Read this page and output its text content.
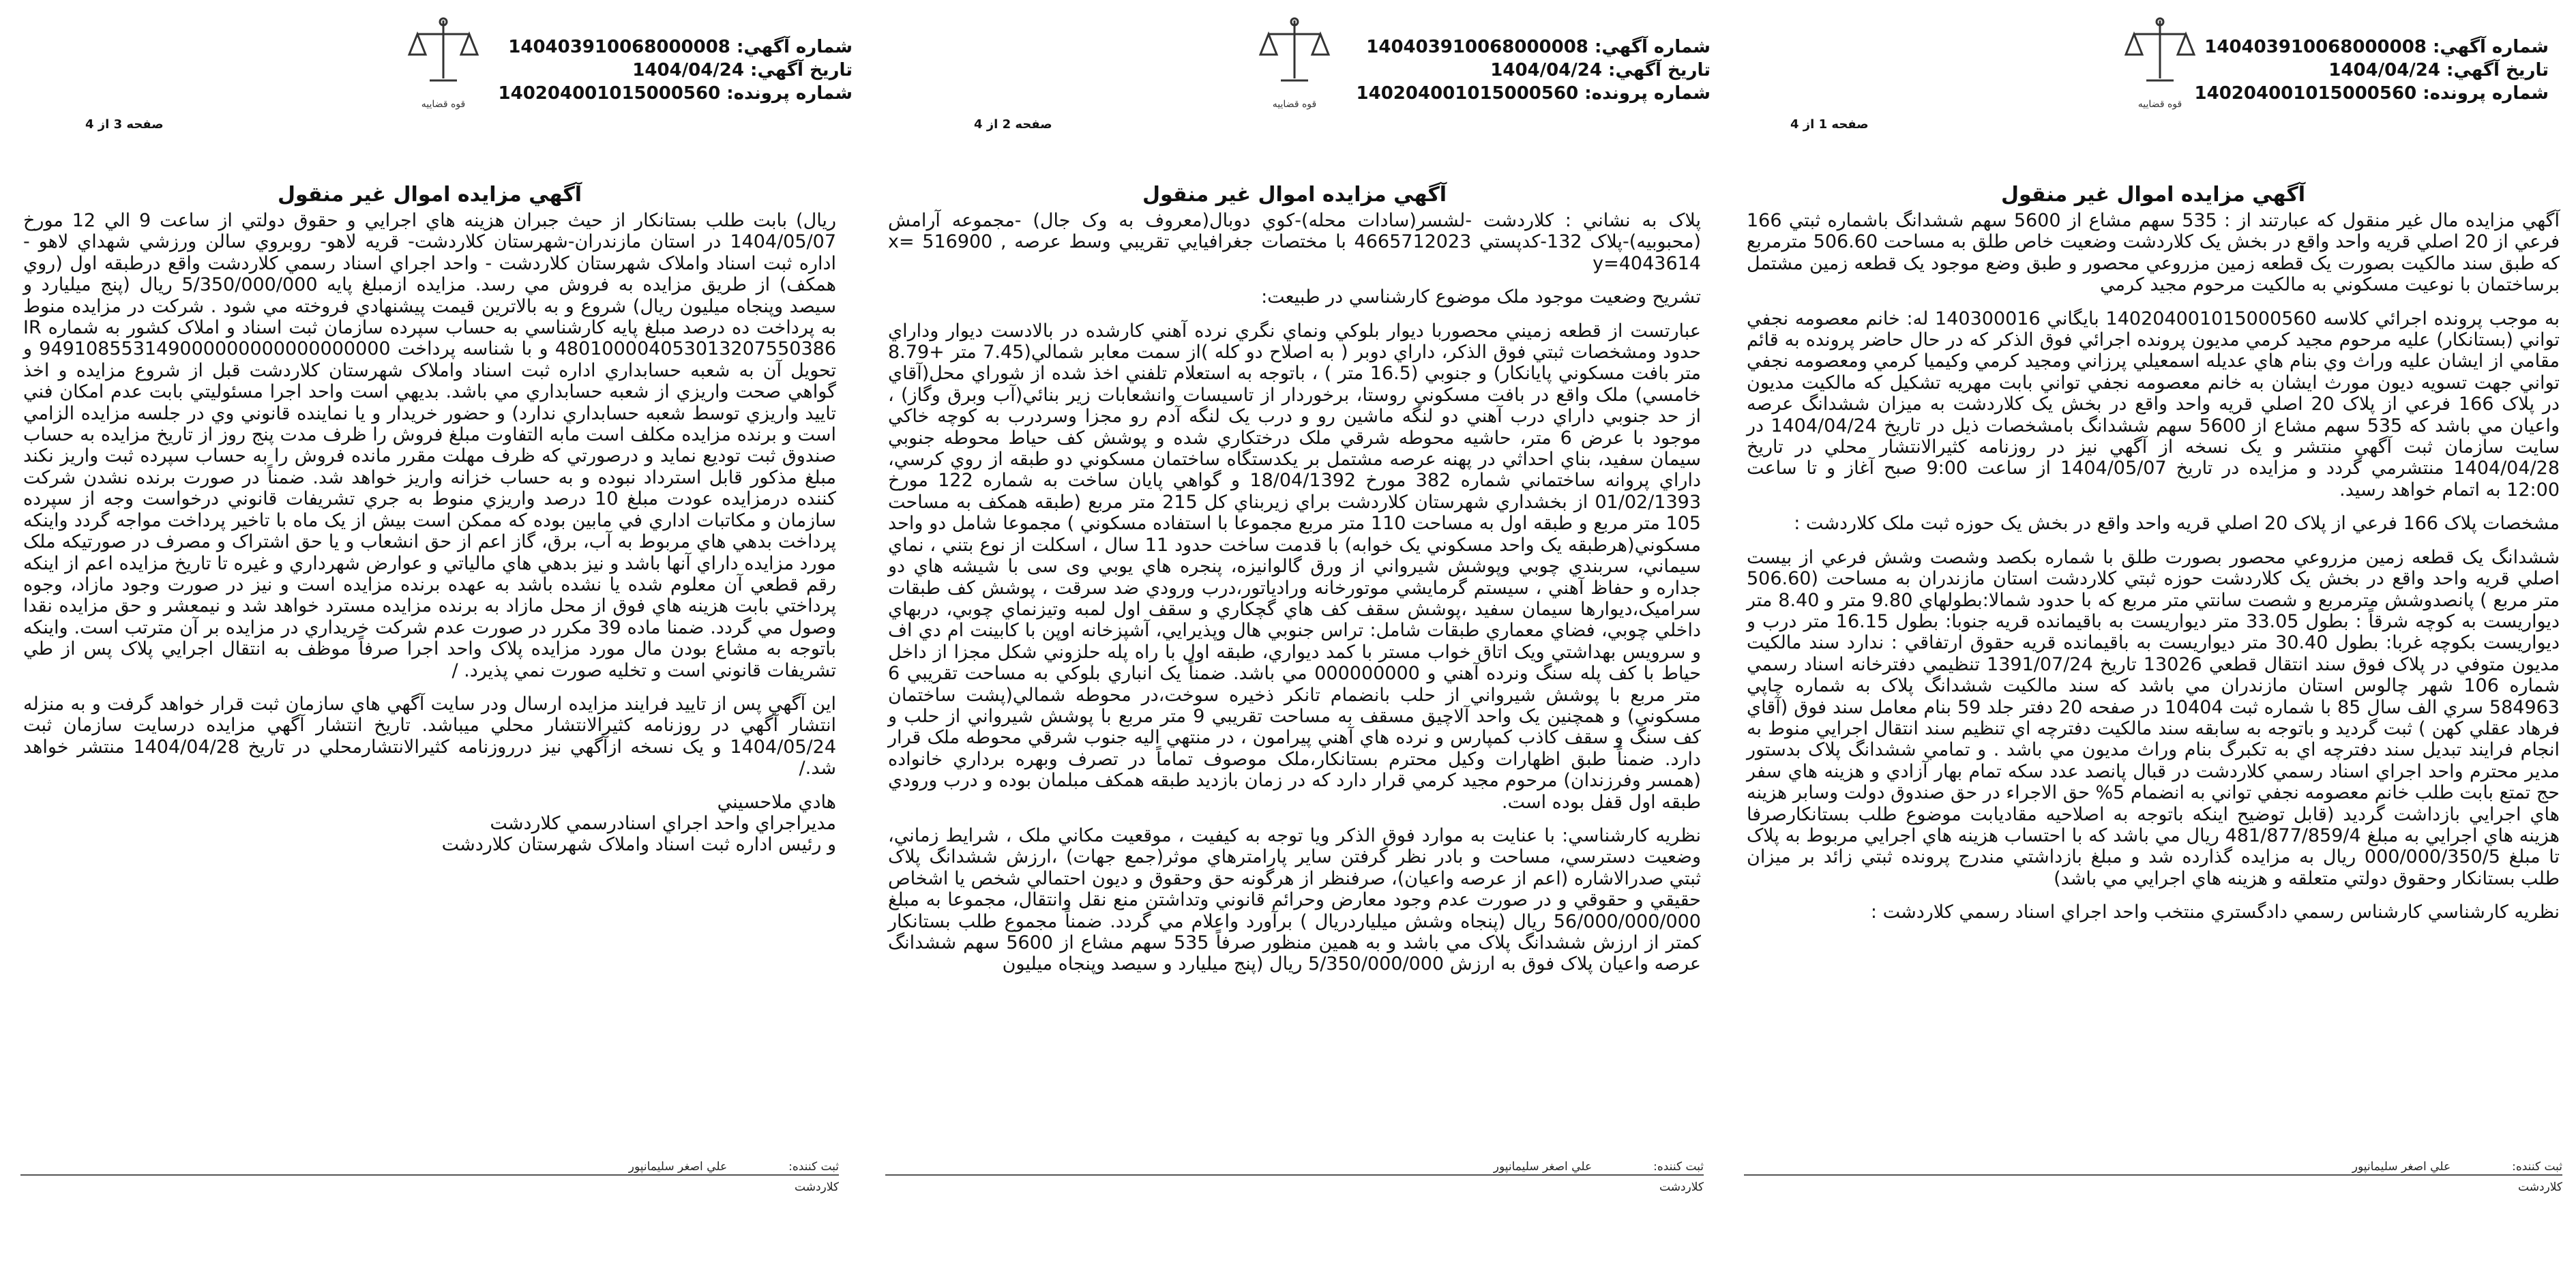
شماره آگهي: 140403910068000008
تاريخ آگهي: 1404/04/24
شماره پرونده: 140204001015000560
قوه قضاییه
صفحه 1 از 4
آگهي مزايده اموال غير منقول

آگهي مزايده مال غير منقول كه عبارتند از : 535 سهم مشاع از 5600 سهم ششدانگ باشماره ثبتي 166 فرعي از 20 اصلي قريه واحد واقع در بخش يک کلاردشت وضعيت خاص طلق به مساحت 506.60 مترمربع که طبق سند مالکيت بصورت يک قطعه زمين مزروعي محصور و طبق وضع موجود يک قطعه زمين مشتمل برساختمان با نوعيت مسکوني به مالکيت مرحوم مجيد کرمي

به موجب پرونده اجرائي كلاسه 140204001015000560 بايگاني 140300016 له: خانم معصومه نجفي تواني (بستانكار) عليه مرحوم مجيد كرمي مديون پرونده اجرائي فوق الذكر كه در حال حاضر پرونده به قائم مقامي از ايشان عليه وراث وي بنام هاي عديله اسمعيلي پرزاني ومجيد كرمي وكيميا كرمي ومعصومه نجفي تواني جهت تسويه ديون مورث ايشان به خانم معصومه نجفي تواني بابت مهريه تشکيل که مالکيت مديون در پلاک 166 فرعي از پلاک 20 اصلي قريه واحد واقع در بخش يک کلاردشت به ميزان ششدانگ عرصه واعيان مي باشد که 535 سهم مشاع از 5600 سهم ششدانگ بامشخصات ذيل در تاريخ 1404/04/24 در سايت سازمان ثبت آگهي منتشر و يک نسخه از آگهي نيز در روزنامه كثيرالانتشار محلي در تاريخ 1404/04/28 منتشرمي گردد و مزايده در تاريخ 1404/05/07 از ساعت 9:00 صبح آغاز و تا ساعت 12:00 به اتمام خواهد رسيد.

مشخصات پلاک 166 فرعي از پلاک 20 اصلي قريه واحد واقع در بخش يک حوزه ثبت ملک کلاردشت :

ششدانگ يک قطعه زمين مزروعي محصور بصورت طلق با شماره بکصد وشصت وشش فرعي از بيست اصلي قريه واحد واقع در بخش يک کلاردشت حوزه ثبتي کلاردشت استان مازندران به مساحت (506.60 متر مربع ) پانصدوشش مترمربع و شصت سانتي متر مربع که با حدود شمالا:بطولهاي 9.80 متر و 8.40 متر ديواريست به کوچه شرقاً : بطول 33.05 متر ديواريست به باقيمانده قريه جنوبا: بطول 16.15 متر درب و ديواريست بکوچه غربا: بطول 30.40 متر ديواريست به باقيمانده قريه حقوق ارتفاقي : ندارد سند مالکيت مديون متوفي در پلاک فوق سند انتقال قطعي 13026 تاريخ 1391/07/24 تنظيمي دفترخانه اسناد رسمي شماره 106 شهر چالوس استان مازندران مي باشد که سند مالکيت ششدانگ پلاک به شماره چاپي 584963 سري الف سال 85 با شماره ثبت 10404 در صفحه 20 دفتر جلد 59 بنام معامل سند فوق (آقاي فرهاد عقلي کهن ) ثبت گرديد و باتوجه به سابقه سند مالکيت دفترچه اي تنظيم سند انتقال اجرايي منوط به انجام فرايند تبديل سند دفترچه اي به تکبرگ بنام وراث مديون مي باشد . و تمامي ششدانگ پلاک بدستور مدير محترم واحد اجراي اسناد رسمي کلاردشت در قبال پانصد عدد سکه تمام بهار آزادي و هزينه هاي سفر حج تمتع بابت طلب خانم معصومه نجفي تواني به انضمام 5% حق الاجراء در حق صندوق دولت وسابر هزينه هاي اجرايي بازداشت گرديد (قابل توضيح اينکه باتوجه به اصلاحيه مقاديابت موضوع طلب بستانکارصرفا هزينه هاي اجرايي به مبلغ 481/877/859/4 ريال مي باشد که با احتساب هزينه هاي اجرايي مربوط به پلاک تا مبلغ 000/000/350/5 ريال به مزايده گذارده شد و مبلغ بازداشتي مندرج پرونده ثبتي زائد بر ميزان طلب بستانکار وحقوق دولتي متعلقه و هزينه هاي اجرايي مي باشد)

نظريه کارشناسي کارشناس رسمي دادگستري منتخب واحد اجراي اسناد رسمي کلاردشت :

ثبت کننده:
علي اصغر سليمانپور
كلاردشت
شماره آگهي: 140403910068000008
تاريخ آگهي: 1404/04/24
شماره پرونده: 140204001015000560
قوه قضاییه
صفحه 2 از 4
آگهي مزايده اموال غير منقول

پلاک به نشاني : کلاردشت -لشسر(سادات محله)-کوي دوبال(معروف به وک جال) -مجموعه آرامش (محبوبيه)-پلاک 132-کدپستي 4665712023 با مختصات جغرافيايي تقريبي وسط عرصه x= 516900 , y=4043614

تشريح وضعيت موجود ملک موضوع کارشناسي در طبيعت:

عبارتست از قطعه زميني محصوربا ديوار بلوکي ونماي نگري نرده آهني کارشده در بالادست ديوار وداراي حدود ومشخصات ثبتي فوق الذکر، داراي دوبر ( به اصلاح دو کله )از سمت معابر شمالي(7.45 متر +8.79 متر بافت مسکوني پايانکار) و جنوبي (16.5 متر ) ، باتوجه به استعلام تلفني اخذ شده از شوراي محل(آقاي خامسي) ملک واقع در بافت مسکوني روستا، برخوردار از تاسيسات وانشعابات زير بنائي(آب وبرق وگاز) ، از حد جنوبي داراي درب آهني دو لنگه ماشين رو و درب يک لنگه آدم رو مجزا وسردرب به کوچه خاکي موجود با عرض 6 متر، حاشيه محوطه شرقي ملک درختکاري شده و پوشش کف حياط محوطه جنوبي سيمان سفيد، بناي احداثي در پهنه عرصه مشتمل بر يکدستگاه ساختمان مسکوني دو طبقه از روي کرسي، داراي پروانه ساختماني شماره 382 مورخ 18/04/1392 و گواهي پايان ساخت به شماره 122 مورخ 01/02/1393 از بخشداري شهرستان کلاردشت براي زيربناي کل 215 متر مربع (طبقه همکف به مساحت 105 متر مربع و طبقه اول به مساحت 110 متر مربع مجموعا با استفاده مسکوني ) مجموعا شامل دو واحد مسکوني(هرطبقه يک واحد مسکوني يک خوابه) با قدمت ساخت حدود 11 سال ، اسکلت از نوع بتني ، نماي سيماني، سربندي چوبي وپوشش شيرواني از ورق گالوانيزه، پنجره هاي يوبي وی سی با شيشه هاي دو جداره و حفاظ آهني ، سيستم گرمايشي موتورخانه ورادياتور،درب ورودي ضد سرقت ، پوشش کف طبقات سراميک،ديوارها سيمان سفيد ،پوشش سقف کف هاي گچکاري و سقف اول لمبه وتيزنماي چوبي، دربهاي داخلي چوبي، فضاي معماري طبقات شامل: تراس جنوبي هال وپذيرايي، آشپزخانه اوپن با کابينت ام دي اف و سرويس بهداشتي ويک اتاق خواب مستر با کمد ديواري، طبقه اول با راه پله حلزوني شکل مجزا از داخل حياط با کف پله سنگ ونرده آهني و 000000000 مي باشد. ضمناً يک انباري بلوکي به مساحت تقريبي 6 متر مربع با پوشش شيرواني از حلب بانضمام تانکر ذخيره سوخت،در محوطه شمالي(پشت ساختمان مسکوني) و همچنين يک واحد آلاچيق مسقف به مساحت تقريبي 9 متر مربع با پوشش شيرواني از حلب و کف سنگ و سقف کاذب کمپارس و نرده هاي آهني پيرامون ، در منتهي اليه جنوب شرقي محوطه ملک قرار دارد. ضمناً طبق اظهارات وکيل محترم بستانکار،ملک موصوف تماماً در تصرف وبهره برداري خانواده (همسر وفرزندان) مرحوم مجيد کرمي قرار دارد که در زمان بازديد طبقه همکف مبلمان بوده و درب ورودي طبقه اول قفل بوده است.

نظريه کارشناسي: با عنايت به موارد فوق الذکر ويا توجه به کيفيت ، موقعيت مکاني ملک ، شرايط زماني، وضعيت دسترسي، مساحت و بادر نظر گرفتن ساير پارامترهاي موثر(جمع جهات) ،ارزش ششدانگ پلاک ثبتي صدرالاشاره (اعم از عرصه واعيان)، صرفنظر از هرگونه حق وحقوق و ديون احتمالي شخص يا اشخاص حقيقي و حقوقي و در صورت عدم وجود معارض وحرائم قانوني وتداشتن منع نقل وانتقال، مجموعا به مبلغ 56/000/000/000 ريال (پنجاه وشش ميلياردريال ) برآورد واعلام مي گردد. ضمناً مجموع طلب بستانکار کمتر از ارزش ششدانگ پلاک مي باشد و به همين منظور صرفاً 535 سهم مشاع از 5600 سهم ششدانگ عرصه واعيان پلاک فوق به ارزش 5/350/000/000 ريال (پنج ميليارد و سيصد وپنجاه ميليون

ثبت کننده:
علي اصغر سليمانپور
كلاردشت
شماره آگهي: 140403910068000008
تاريخ آگهي: 1404/04/24
شماره پرونده: 140204001015000560
قوه قضاییه
صفحه 3 از 4
آگهي مزايده اموال غير منقول

ريال) بابت طلب بستانکار از حيث جبران هزينه هاي اجرايي و حقوق دولتي از ساعت 9 الي 12 مورخ 1404/05/07 در استان مازندران-شهرستان کلاردشت- قريه لاهو- روبروي سالن ورزشي شهداي لاهو - اداره ثبت اسناد واملاک شهرستان کلاردشت - واحد اجراي اسناد رسمي کلاردشت واقع درطبقه اول (روي همکف) از طريق مزايده به فروش مي رسد. مزايده ازمبلغ پايه 5/350/000/000 ريال (پنج ميليارد و سيصد وپنجاه ميليون ريال) شروع و به بالاترين قيمت پيشنهادي فروخته مي شود . شرکت در مزايده منوط به پرداخت ده درصد مبلغ پايه کارشناسي به حساب سپرده سازمان ثبت اسناد و املاک کشور به شماره IR 480100004053013207550386 و با شناسه پرداخت 949108553149000000000000000000 و تحويل آن به شعبه حسابداري اداره ثبت اسناد واملاک شهرستان کلاردشت قبل از شروع مزايده و اخذ گواهي صحت واريزي از شعبه حسابداري مي باشد. بديهي است واحد اجرا مسئوليتي بابت عدم امکان فني تاييد واريزي توسط شعبه حسابداري ندارد) و حضور خريدار و يا نماينده قانوني وي در جلسه مزايده الزامي است و برنده مزايده مکلف است مابه التفاوت مبلغ فروش را ظرف مدت پنج روز از تاريخ مزايده به حساب صندوق ثبت توديع نمايد و درصورتي که ظرف مهلت مقرر مانده فروش را به حساب سپرده ثبت واريز نکند مبلغ مذکور قابل استرداد نبوده و به حساب خزانه واريز خواهد شد. ضمناً در صورت برنده نشدن شرکت کننده درمزايده عودت مبلغ 10 درصد واريزي منوط به جري تشريفات قانوني درخواست وجه از سپرده سازمان و مکاتبات اداري في مابين بوده که ممکن است بيش از يک ماه با تاخير پرداخت مواجه گردد واينکه پرداخت بدهي هاي مربوط به آب، برق، گاز اعم از حق انشعاب و يا حق اشتراک و مصرف در صورتيکه ملک مورد مزايده داراي آنها باشد و نيز بدهي هاي مالياتي و عوارض شهرداري و غيره تا تاريخ مزايده اعم از اينکه رقم قطعي آن معلوم شده يا نشده باشد به عهده برنده مزايده است و نيز در صورت وجود مازاد، وجوه پرداختي بابت هزينه هاي فوق از محل مازاد به برنده مزايده مسترد خواهد شد و نيمعشر و حق مزايده نقدا وصول مي گردد. ضمنا ماده 39 مکرر در صورت عدم شرکت خريداري در مزايده بر آن مترتب است. واينکه باتوجه به مشاع بودن مال مورد مزايده پلاک واحد اجرا صرفاً موظف به انتقال اجرايي پلاک پس از طي تشريفات قانوني است و تخليه صورت نمي پذيرد. /

اين آگهي پس از تاييد فرايند مزايده ارسال ودر سايت آگهي هاي سازمان ثبت قرار خواهد گرفت و به منزله انتشار آگهي در روزنامه كثيرالانتشار محلي ميباشد. تاريخ انتشار آگهي مزايده درسايت سازمان ثبت 1404/05/24 و يک نسخه ازآگهي نيز درروزنامه كثيرالانتشارمحلي در تاريخ 1404/04/28 منتشر خواهد شد./

هادي ملاحسيني

مديراجراي واحد اجراي اسنادرسمي كلاردشت

و رئيس اداره ثبت اسناد واملاک شهرستان كلاردشت

ثبت کننده:
علي اصغر سليمانپور
كلاردشت
